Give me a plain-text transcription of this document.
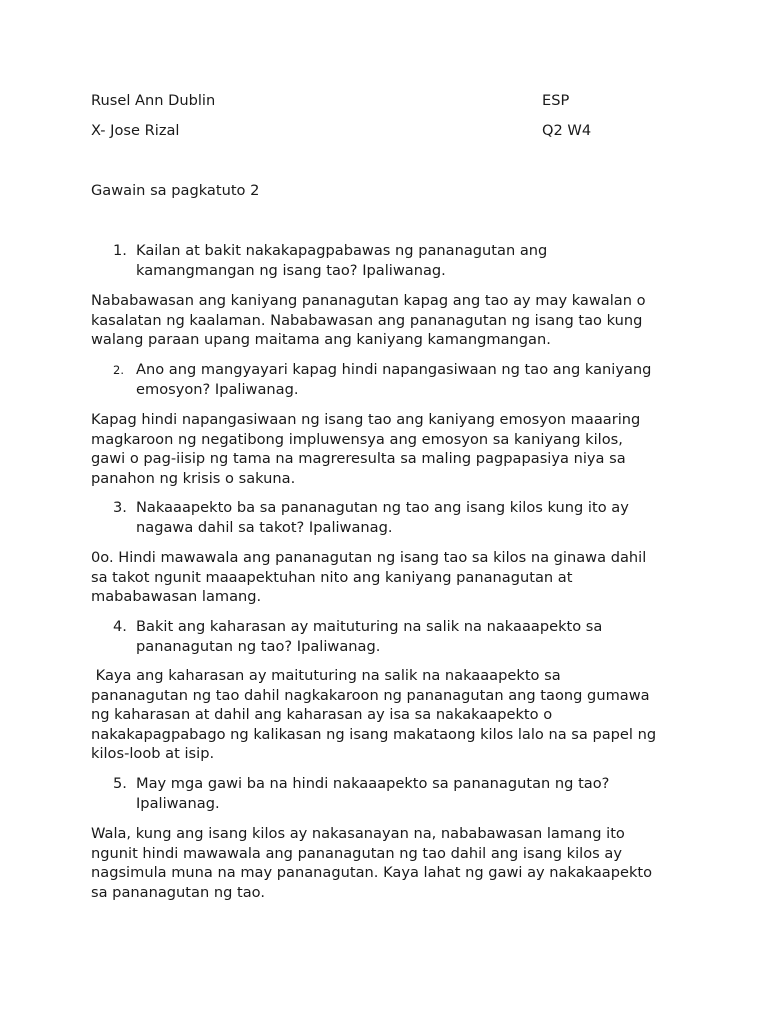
Rusel Ann Dublin	ESP
X- Jose Rizal	Q2 W4
Gawain sa pagkatuto 2
1. Kailan at bakit nakakapagpabawas ng pananagutan ang
kamangmangan ng isang tao? Ipaliwanag.
Nababawasan ang kaniyang pananagutan kapag ang tao ay may kawalan o
kasalatan ng kaalaman. Nababawasan ang pananagutan ng isang tao kung
walang paraan upang maitama ang kaniyang kamangmangan.
2. Ano ang mangyayari kapag hindi napangasiwaan ng tao ang kaniyang
emosyon? Ipaliwanag.
Kapag hindi napangasiwaan ng isang tao ang kaniyang emosyon maaaring
magkaroon ng negatibong impluwensya ang emosyon sa kaniyang kilos,
gawi o pag-iisip ng tama na magreresulta sa maling pagpapasiya niya sa
panahon ng krisis o sakuna.
3. Nakaaapekto ba sa pananagutan ng tao ang isang kilos kung ito ay
nagawa dahil sa takot? Ipaliwanag.
0o. Hindi mawawala ang pananagutan ng isang tao sa kilos na ginawa dahil
sa takot ngunit maaapektuhan nito ang kaniyang pananagutan at
mababawasan lamang.
4. Bakit ang kaharasan ay maituturing na salik na nakaaapekto sa
pananagutan ng tao? Ipaliwanag.
Kaya ang kaharasan ay maituturing na salik na nakaaapekto sa
pananagutan ng tao dahil nagkakaroon ng pananagutan ang taong gumawa
ng kaharasan at dahil ang kaharasan ay isa sa nakakaapekto o
nakakapagpabago ng kalikasan ng isang makataong kilos lalo na sa papel ng
kilos-loob at isip.
5. May mga gawi ba na hindi nakaaapekto sa pananagutan ng tao?
Ipaliwanag.
Wala, kung ang isang kilos ay nakasanayan na, nababawasan lamang ito
ngunit hindi mawawala ang pananagutan ng tao dahil ang isang kilos ay
nagsimula muna na may pananagutan. Kaya lahat ng gawi ay nakakaapekto
sa pananagutan ng tao.
